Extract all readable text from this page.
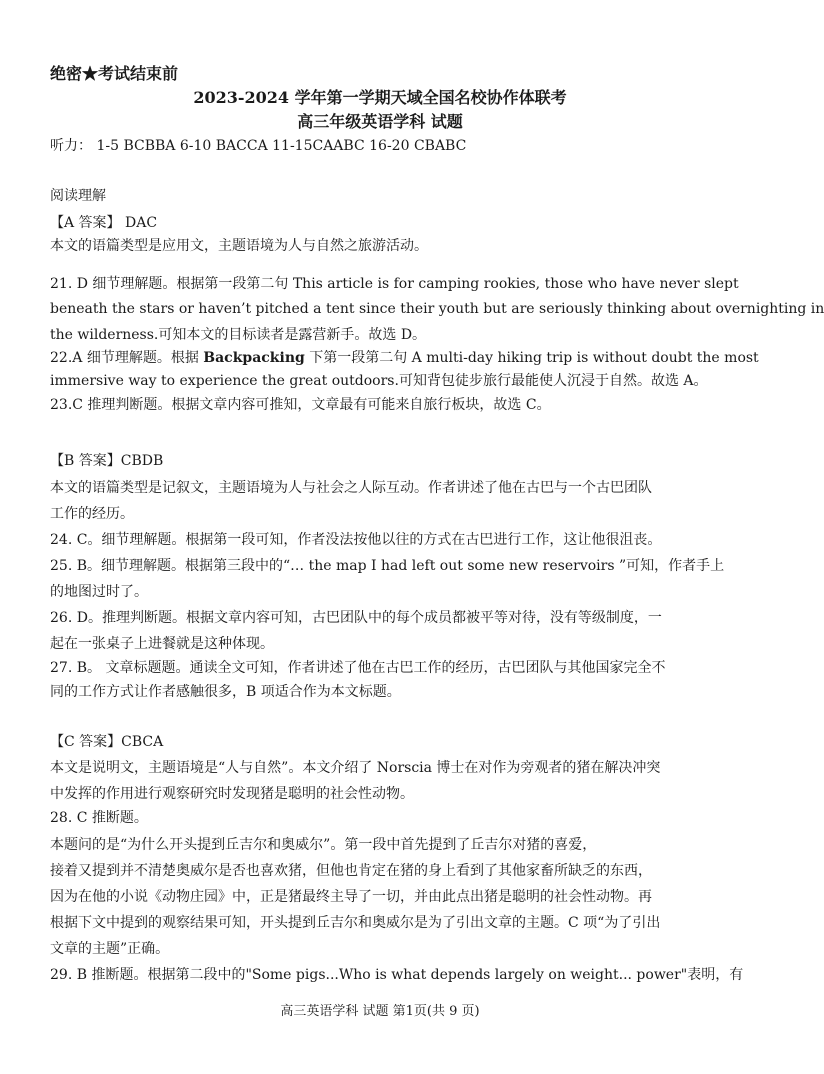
绝密★考试结束前
2023-2024 学年第一学期天域全国名校协作体联考
高三年级英语学科 试题
听力： 1-5 BCBBA 6-10 BACCA 11-15CAABC 16-20 CBABC
阅读理解
【A 答案】 DAC
本文的语篇类型是应用文，主题语境为人与自然之旅游活动。
21. D 细节理解题。根据第一段第二句 This article is for camping rookies, those who have never slept
beneath the stars or haven’t pitched a tent since their youth but are seriously thinking about overnighting in
the wilderness.可知本文的目标读者是露营新手。故选 D。
22.A 细节理解题。根据 Backpacking 下第一段第二句 A multi-day hiking trip is without doubt the most
immersive way to experience the great outdoors.可知背包徒步旅行最能使人沉浸于自然。故选 A。
23.C 推理判断题。根据文章内容可推知，文章最有可能来自旅行板块，故选 C。
【B 答案】CBDB
本文的语篇类型是记叙文，主题语境为人与社会之人际互动。作者讲述了他在古巴与一个古巴团队
工作的经历。
24. C。细节理解题。根据第一段可知，作者没法按他以往的方式在古巴进行工作，这让他很沮丧。
25. B。细节理解题。根据第三段中的“… the map I had left out some new reservoirs ”可知，作者手上
的地图过时了。
26. D。推理判断题。根据文章内容可知，古巴团队中的每个成员都被平等对待，没有等级制度，一
起在一张桌子上进餐就是这种体现。
27. B。 文章标题题。通读全文可知，作者讲述了他在古巴工作的经历，古巴团队与其他国家完全不
同的工作方式让作者感触很多，B 项适合作为本文标题。
【C 答案】CBCA
本文是说明文，主题语境是“人与自然”。本文介绍了 Norscia 博士在对作为旁观者的猪在解决冲突
中发挥的作用进行观察研究时发现猪是聪明的社会性动物。
28. C 推断题。
本题问的是“为什么开头提到丘吉尔和奥威尔”。第一段中首先提到了丘吉尔对猪的喜爱，
接着又提到并不清楚奥威尔是否也喜欢猪，但他也肯定在猪的身上看到了其他家畜所缺乏的东西，
因为在他的小说《动物庄园》中，正是猪最终主导了一切，并由此点出猪是聪明的社会性动物。再
根据下文中提到的观察结果可知，开头提到丘吉尔和奥威尔是为了引出文章的主题。C 项“为了引出
文章的主题”正确。
29. B 推断题。根据第二段中的"Some pigs...Who is what depends largely on weight... power"表明，有
高三英语学科 试题 第1页(共 9 页)
